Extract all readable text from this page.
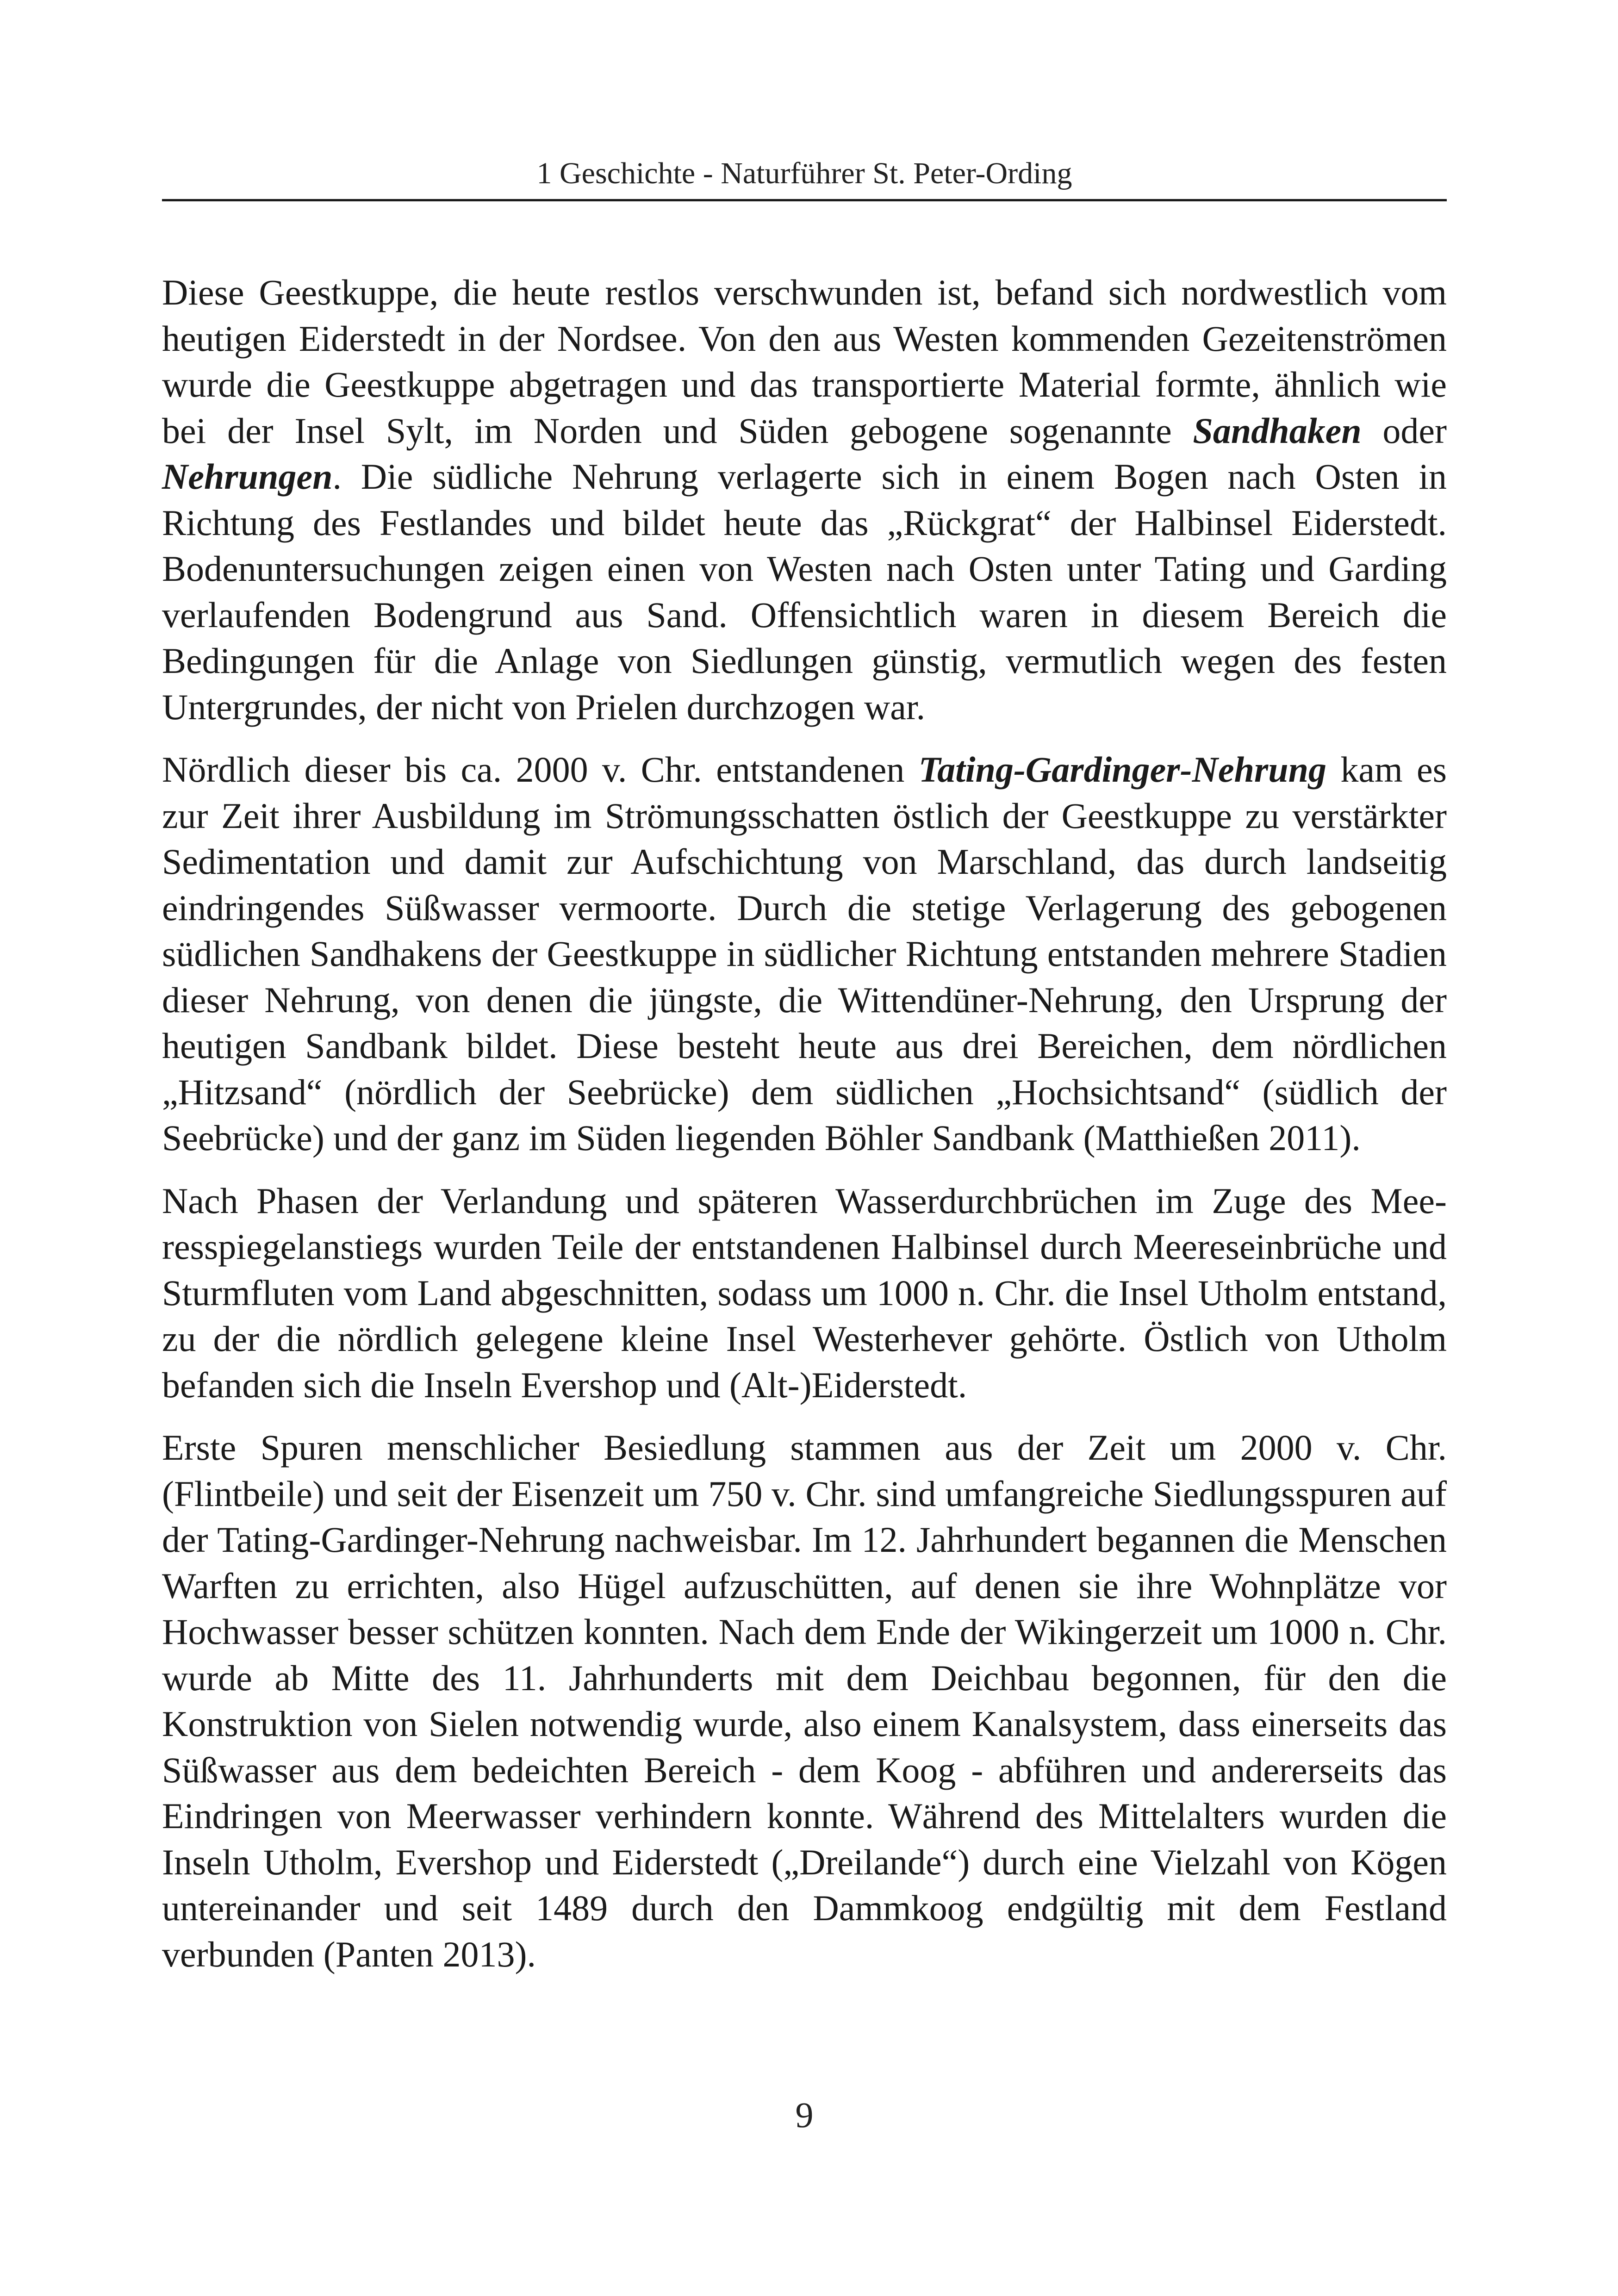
1 Geschichte - Naturführer St. Peter-Ording

Diese Geestkuppe, die heute restlos verschwunden ist, befand sich nordwestlich vom heutigen Eiderstedt in der Nordsee. Von den aus Westen kommenden Gezeitenströmen wurde die Geestkuppe abgetragen und das transportierte Material formte, ähnlich wie bei der Insel Sylt, im Norden und Süden gebogene sogenannte Sandhaken oder Nehrungen. Die südliche Nehrung verlagerte sich in einem Bogen nach Osten in Richtung des Festlandes und bildet heute das „Rückgrat“ der Halbinsel Eiderstedt. Bodenuntersuchungen zeigen einen von Westen nach Osten unter Tating und Garding verlaufenden Bodengrund aus Sand. Offensichtlich waren in diesem Bereich die Bedingungen für die Anlage von Siedlungen günstig, vermutlich wegen des festen Untergrundes, der nicht von Prielen durchzogen war.

Nördlich dieser bis ca. 2000 v. Chr. entstandenen Tating-Gardinger-Nehrung kam es zur Zeit ihrer Ausbildung im Strömungsschatten östlich der Geestkuppe zu verstärkter Sedimentation und damit zur Aufschichtung von Marschland, das durch landseitig eindringendes Süßwasser vermoorte. Durch die stetige Verlagerung des gebogenen südlichen Sandhakens der Geestkuppe in südlicher Richtung entstanden mehrere Stadien dieser Nehrung, von denen die jüngste, die Wittendüner-Nehrung, den Ursprung der heutigen Sandbank bildet. Diese besteht heute aus drei Bereichen, dem nördlichen „Hitzsand“ (nördlich der Seebrücke) dem südlichen „Hochsichtsand“ (südlich der Seebrücke) und der ganz im Süden liegenden Böhler Sandbank (Matthießen 2011).

Nach Phasen der Verlandung und späteren Wasserdurchbrüchen im Zuge des Meeresspiegelanstiegs wurden Teile der entstandenen Halbinsel durch Meereseinbrüche und Sturmfluten vom Land abgeschnitten, sodass um 1000 n. Chr. die Insel Utholm entstand, zu der die nördlich gelegene kleine Insel Westerhever gehörte. Östlich von Utholm befanden sich die Inseln Evershop und (Alt-)Eiderstedt.

Erste Spuren menschlicher Besiedlung stammen aus der Zeit um 2000 v. Chr. (Flintbeile) und seit der Eisenzeit um 750 v. Chr. sind umfangreiche Siedlungsspuren auf der Tating-Gardinger-Nehrung nachweisbar. Im 12. Jahrhundert begannen die Menschen Warften zu errichten, also Hügel aufzuschütten, auf denen sie ihre Wohnplätze vor Hochwasser besser schützen konnten. Nach dem Ende der Wikingerzeit um 1000 n. Chr. wurde ab Mitte des 11. Jahrhunderts mit dem Deichbau begonnen, für den die Konstruktion von Sielen notwendig wurde, also einem Kanalsystem, dass einerseits das Süßwasser aus dem bedeichten Bereich - dem Koog - abführen und andererseits das Eindringen von Meerwasser verhindern konnte. Während des Mittelalters wurden die Inseln Utholm, Evershop und Eiderstedt („Dreilande“) durch eine Vielzahl von Kögen untereinander und seit 1489 durch den Dammkoog endgültig mit dem Festland verbunden (Panten 2013).

9
